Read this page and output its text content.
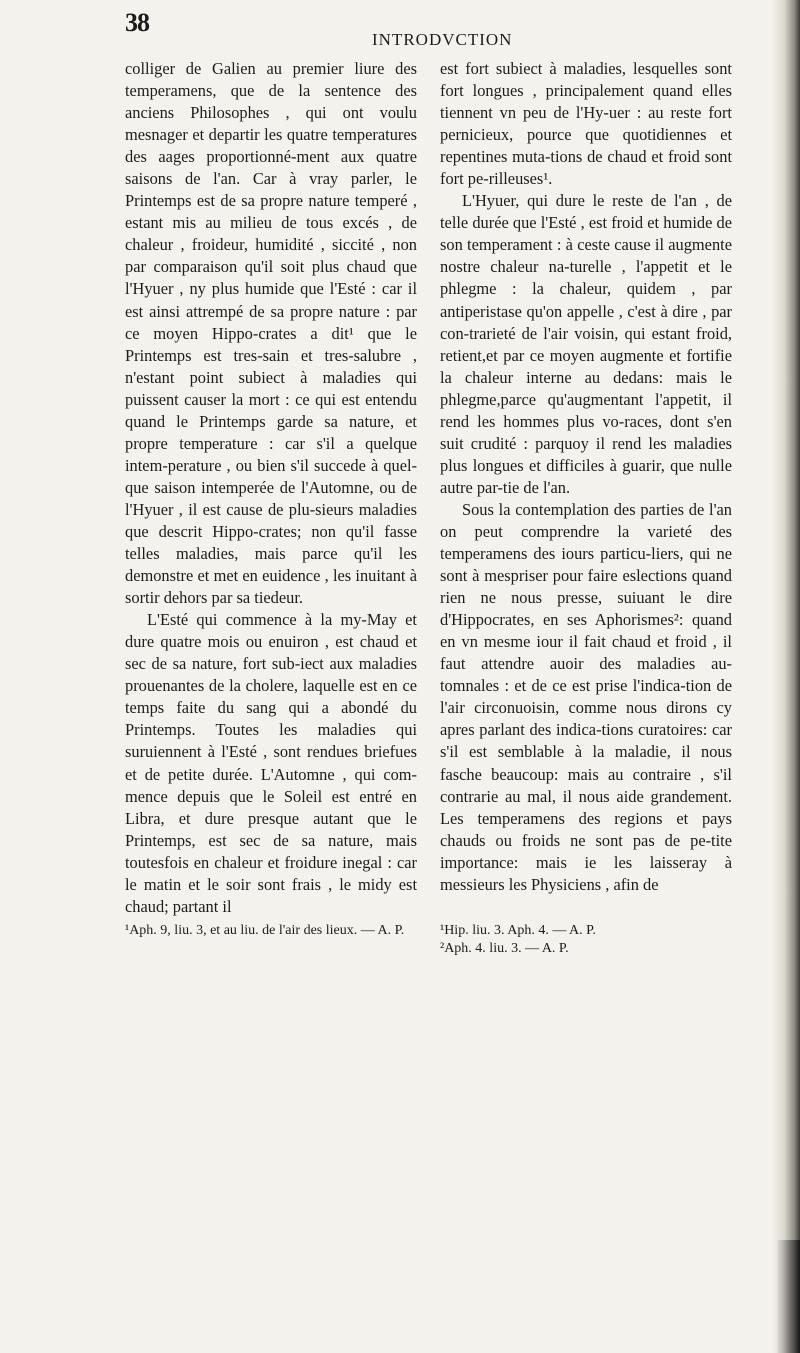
38
INTRODVCTION

colliger de Galien au premier liure des temperamens, que de la sentence des anciens Philosophes , qui ont voulu mesnager et departir les quatre temperatures des aages proportionné-ment aux quatre saisons de l'an. Car à vray parler, le Printemps est de sa propre nature temperé , estant mis au milieu de tous excés , de chaleur , froideur, humidité , siccité , non par comparaison qu'il soit plus chaud que l'Hyuer , ny plus humide que l'Esté : car il est ainsi attrempé de sa propre nature : par ce moyen Hippo-crates a dit¹ que le Printemps est tres-sain et tres-salubre , n'estant point subiect à maladies qui puissent causer la mort : ce qui est entendu quand le Printemps garde sa nature, et propre temperature : car s'il a quelque intem-perature , ou bien s'il succede à quel-que saison intemperée de l'Automne, ou de l'Hyuer , il est cause de plu-sieurs maladies que descrit Hippo-crates; non qu'il fasse telles maladies, mais parce qu'il les demonstre et met en euidence , les inuitant à sortir dehors par sa tiedeur.

L'Esté qui commence à la my-May et dure quatre mois ou enuiron , est chaud et sec de sa nature, fort sub-iect aux maladies prouenantes de la cholere, laquelle est en ce temps faite du sang qui a abondé du Printemps. Toutes les maladies qui suruiennent à l'Esté , sont rendues briefues et de petite durée. L'Automne , qui com-mence depuis que le Soleil est entré en Libra, et dure presque autant que le Printemps, est sec de sa nature, mais toutesfois en chaleur et froidure inegal : car le matin et le soir sont frais , le midy est chaud; partant il

est fort subiect à maladies, lesquelles sont fort longues , principalement quand elles tiennent vn peu de l'Hy-uer : au reste fort pernicieux, pource que quotidiennes et repentines muta-tions de chaud et froid sont fort pe-rilleuses¹.

L'Hyuer, qui dure le reste de l'an , de telle durée que l'Esté , est froid et humide de son temperament : à ceste cause il augmente nostre chaleur na-turelle , l'appetit et le phlegme : la chaleur, quidem , par antiperistase qu'on appelle , c'est à dire , par con-trarieté de l'air voisin, qui estant froid, retient,et par ce moyen augmente et fortifie la chaleur interne au dedans: mais le phlegme,parce qu'augmentant l'appetit, il rend les hommes plus vo-races, dont s'en suit crudité : parquoy il rend les maladies plus longues et difficiles à guarir, que nulle autre par-tie de l'an.

Sous la contemplation des parties de l'an on peut comprendre la varieté des temperamens des iours particu-liers, qui ne sont à mespriser pour faire eslections quand rien ne nous presse, suiuant le dire d'Hippocrates, en ses Aphorismes²: quand en vn mesme iour il fait chaud et froid , il faut attendre auoir des maladies au-tomnales : et de ce est prise l'indica-tion de l'air circonuoisin, comme nous dirons cy apres parlant des indica-tions curatoires: car s'il est semblable à la maladie, il nous fasche beaucoup: mais au contraire , s'il contrarie au mal, il nous aide grandement. Les temperamens des regions et pays chauds ou froids ne sont pas de pe-tite importance: mais ie les laisseray à messieurs les Physiciens , afin de

¹Aph. 9, liu. 3, et au liu. de l'air des lieux. — A. P.	¹Hip. liu. 3. Aph. 4. — A. P.
²Aph. 4. liu. 3. — A. P.
